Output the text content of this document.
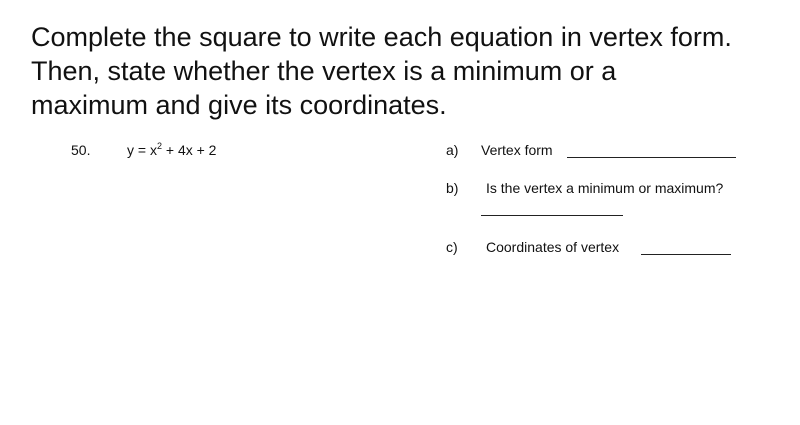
Complete the square to write each equation in vertex form.
Then, state whether the vertex is a minimum or a
maximum and give its coordinates.
50.	$y = x^2 + 4x + 2$	a) Vertex form
b) Is the vertex a minimum or maximum?
c) Coordinates of vertex
